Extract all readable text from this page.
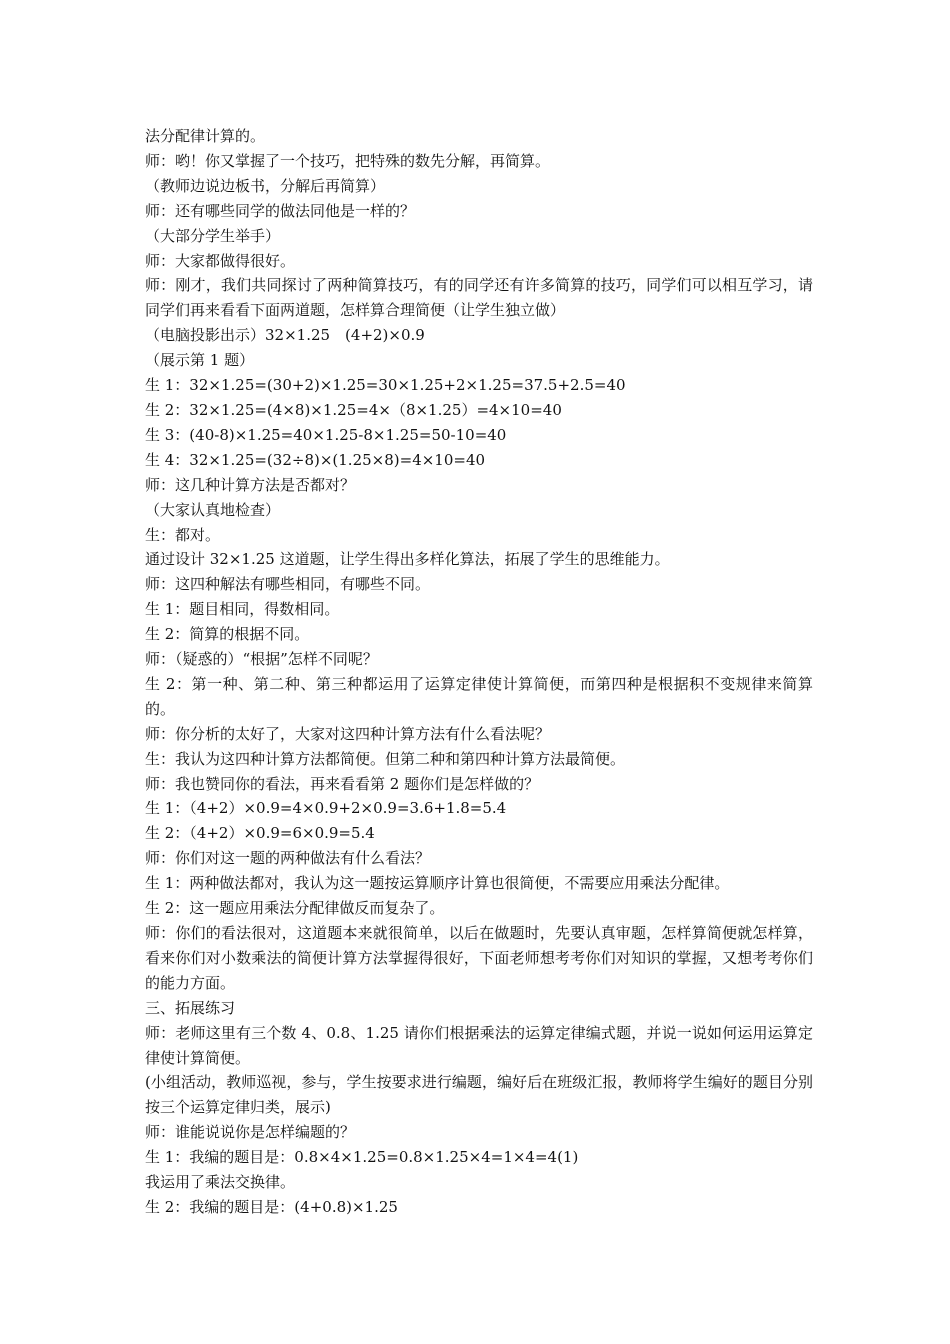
法分配律计算的。

师：哟！你又掌握了一个技巧，把特殊的数先分解，再简算。

（教师边说边板书，分解后再简算）

师：还有哪些同学的做法同他是一样的？

（大部分学生举手）

师：大家都做得很好。

师：刚才，我们共同探讨了两种简算技巧，有的同学还有许多简算的技巧，同学们可以相互学习，请同学们再来看看下面两道题，怎样算合理简便（让学生独立做）

（电脑投影出示）32×1.25　(4+2)×0.9

（展示第 1 题）

生 1：32×1.25=(30+2)×1.25=30×1.25+2×1.25=37.5+2.5=40

生 2：32×1.25=(4×8)×1.25=4×（8×1.25）=4×10=40

生 3：(40-8)×1.25=40×1.25-8×1.25=50-10=40

生 4：32×1.25=(32÷8)×(1.25×8)=4×10=40

师：这几种计算方法是否都对？

（大家认真地检查）

生：都对。

通过设计 32×1.25 这道题，让学生得出多样化算法，拓展了学生的思维能力。

师：这四种解法有哪些相同，有哪些不同。

生 1：题目相同，得数相同。

生 2：简算的根据不同。

师：（疑惑的）“根据”怎样不同呢？

生 2：第一种、第二种、第三种都运用了运算定律使计算简便，而第四种是根据积不变规律来简算的。

师：你分析的太好了，大家对这四种计算方法有什么看法呢？

生：我认为这四种计算方法都简便。但第二种和第四种计算方法最简便。

师：我也赞同你的看法，再来看看第 2 题你们是怎样做的？

生 1：（4+2）×0.9=4×0.9+2×0.9=3.6+1.8=5.4

生 2：（4+2）×0.9=6×0.9=5.4

师：你们对这一题的两种做法有什么看法？

生 1：两种做法都对，我认为这一题按运算顺序计算也很简便，不需要应用乘法分配律。

生 2：这一题应用乘法分配律做反而复杂了。

师：你们的看法很对，这道题本来就很简单，以后在做题时，先要认真审题，怎样算简便就怎样算，看来你们对小数乘法的简便计算方法掌握得很好，下面老师想考考你们对知识的掌握，又想考考你们的能力方面。

三、拓展练习

师：老师这里有三个数 4、0.8、1.25 请你们根据乘法的运算定律编式题，并说一说如何运用运算定律使计算简便。

(小组活动，教师巡视，参与，学生按要求进行编题，编好后在班级汇报，教师将学生编好的题目分别按三个运算定律归类，展示)

师：谁能说说你是怎样编题的？

生 1：我编的题目是：0.8×4×1.25=0.8×1.25×4=1×4=4(1)

我运用了乘法交换律。

生 2：我编的题目是：(4+0.8)×1.25
